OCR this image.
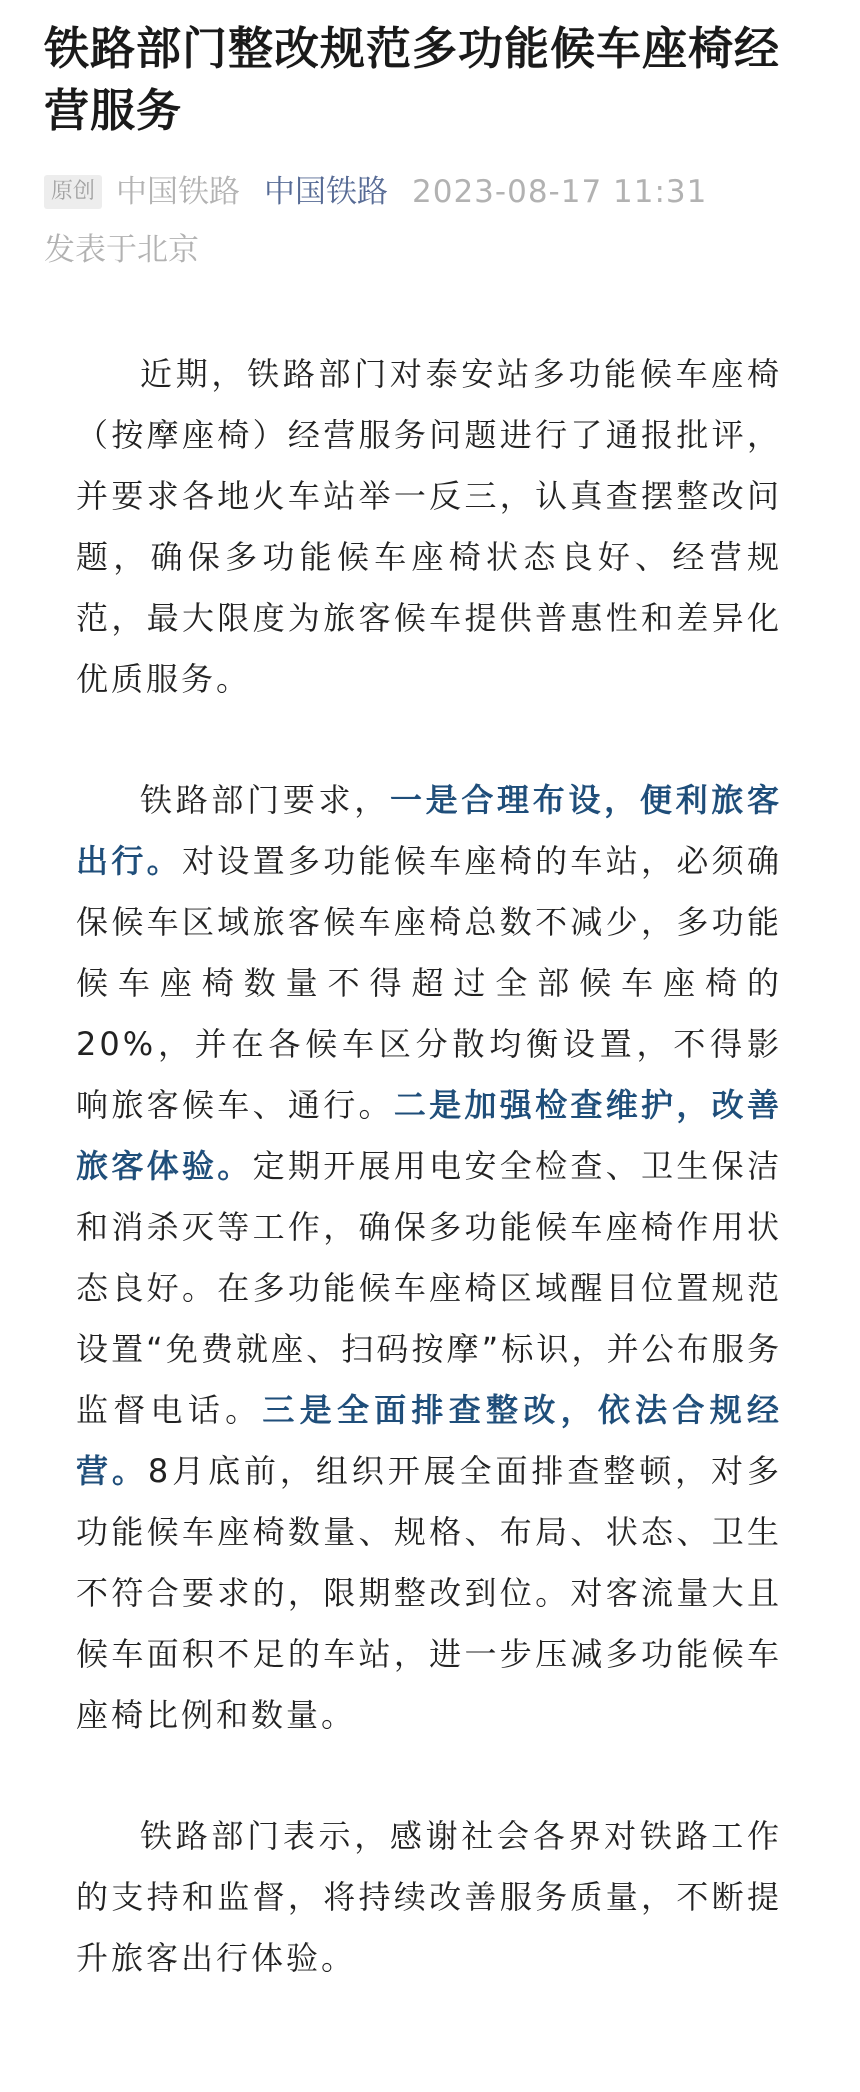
铁路部门整改规范多功能候车座椅经营服务
原创 中国铁路 中国铁路 2023-08-17 11:31
发表于北京

近期，铁路部门对泰安站多功能候车座椅（按摩座椅）经营服务问题进行了通报批评，并要求各地火车站举一反三，认真查摆整改问题，确保多功能候车座椅状态良好、经营规范，最大限度为旅客候车提供普惠性和差异化优质服务。

铁路部门要求，一是合理布设，便利旅客出行。对设置多功能候车座椅的车站，必须确保候车区域旅客候车座椅总数不减少，多功能候车座椅数量不得超过全部候车座椅的20%，并在各候车区分散均衡设置，不得影响旅客候车、通行。二是加强检查维护，改善旅客体验。定期开展用电安全检查、卫生保洁和消杀灭等工作，确保多功能候车座椅作用状态良好。在多功能候车座椅区域醒目位置规范设置“免费就座、扫码按摩”标识，并公布服务监督电话。三是全面排查整改，依法合规经营。8月底前，组织开展全面排查整顿，对多功能候车座椅数量、规格、布局、状态、卫生不符合要求的，限期整改到位。对客流量大且候车面积不足的车站，进一步压减多功能候车座椅比例和数量。

铁路部门表示，感谢社会各界对铁路工作的支持和监督，将持续改善服务质量，不断提升旅客出行体验。
